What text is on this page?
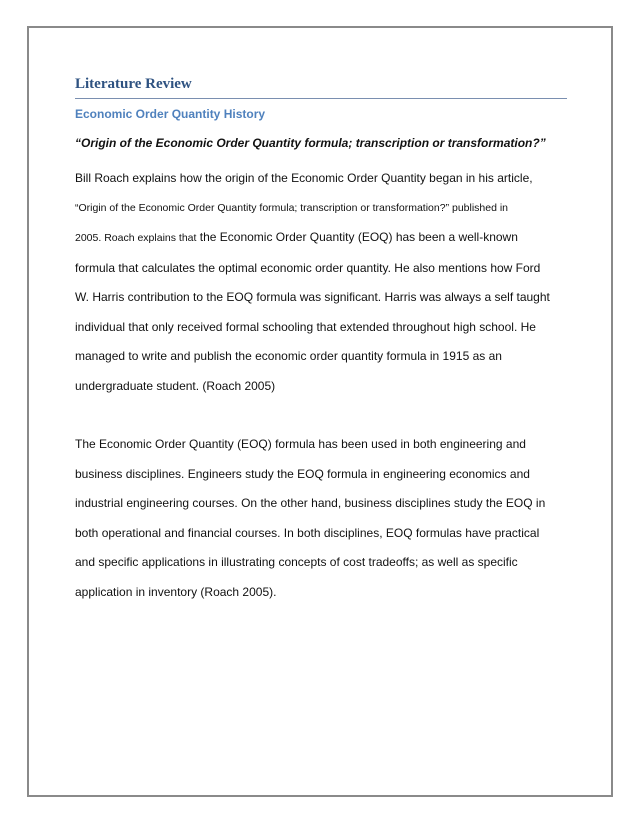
Literature Review
Economic Order Quantity History
“Origin of the Economic Order Quantity formula; transcription or transformation?”

Bill Roach explains how the origin of the Economic Order Quantity began in his article,
“Origin of the Economic Order Quantity formula; transcription or transformation?” published in
2005. Roach explains that the Economic Order Quantity (EOQ) has been a well-known
formula that calculates the optimal economic order quantity. He also mentions how Ford
W. Harris contribution to the EOQ formula was significant. Harris was always a self taught
individual that only received formal schooling that extended throughout high school. He
managed to write and publish the economic order quantity formula in 1915 as an
undergraduate student. (Roach 2005)

The Economic Order Quantity (EOQ) formula has been used in both engineering and
business disciplines. Engineers study the EOQ formula in engineering economics and
industrial engineering courses. On the other hand, business disciplines study the EOQ in
both operational and financial courses. In both disciplines, EOQ formulas have practical
and specific applications in illustrating concepts of cost tradeoffs; as well as specific
application in inventory (Roach 2005).
